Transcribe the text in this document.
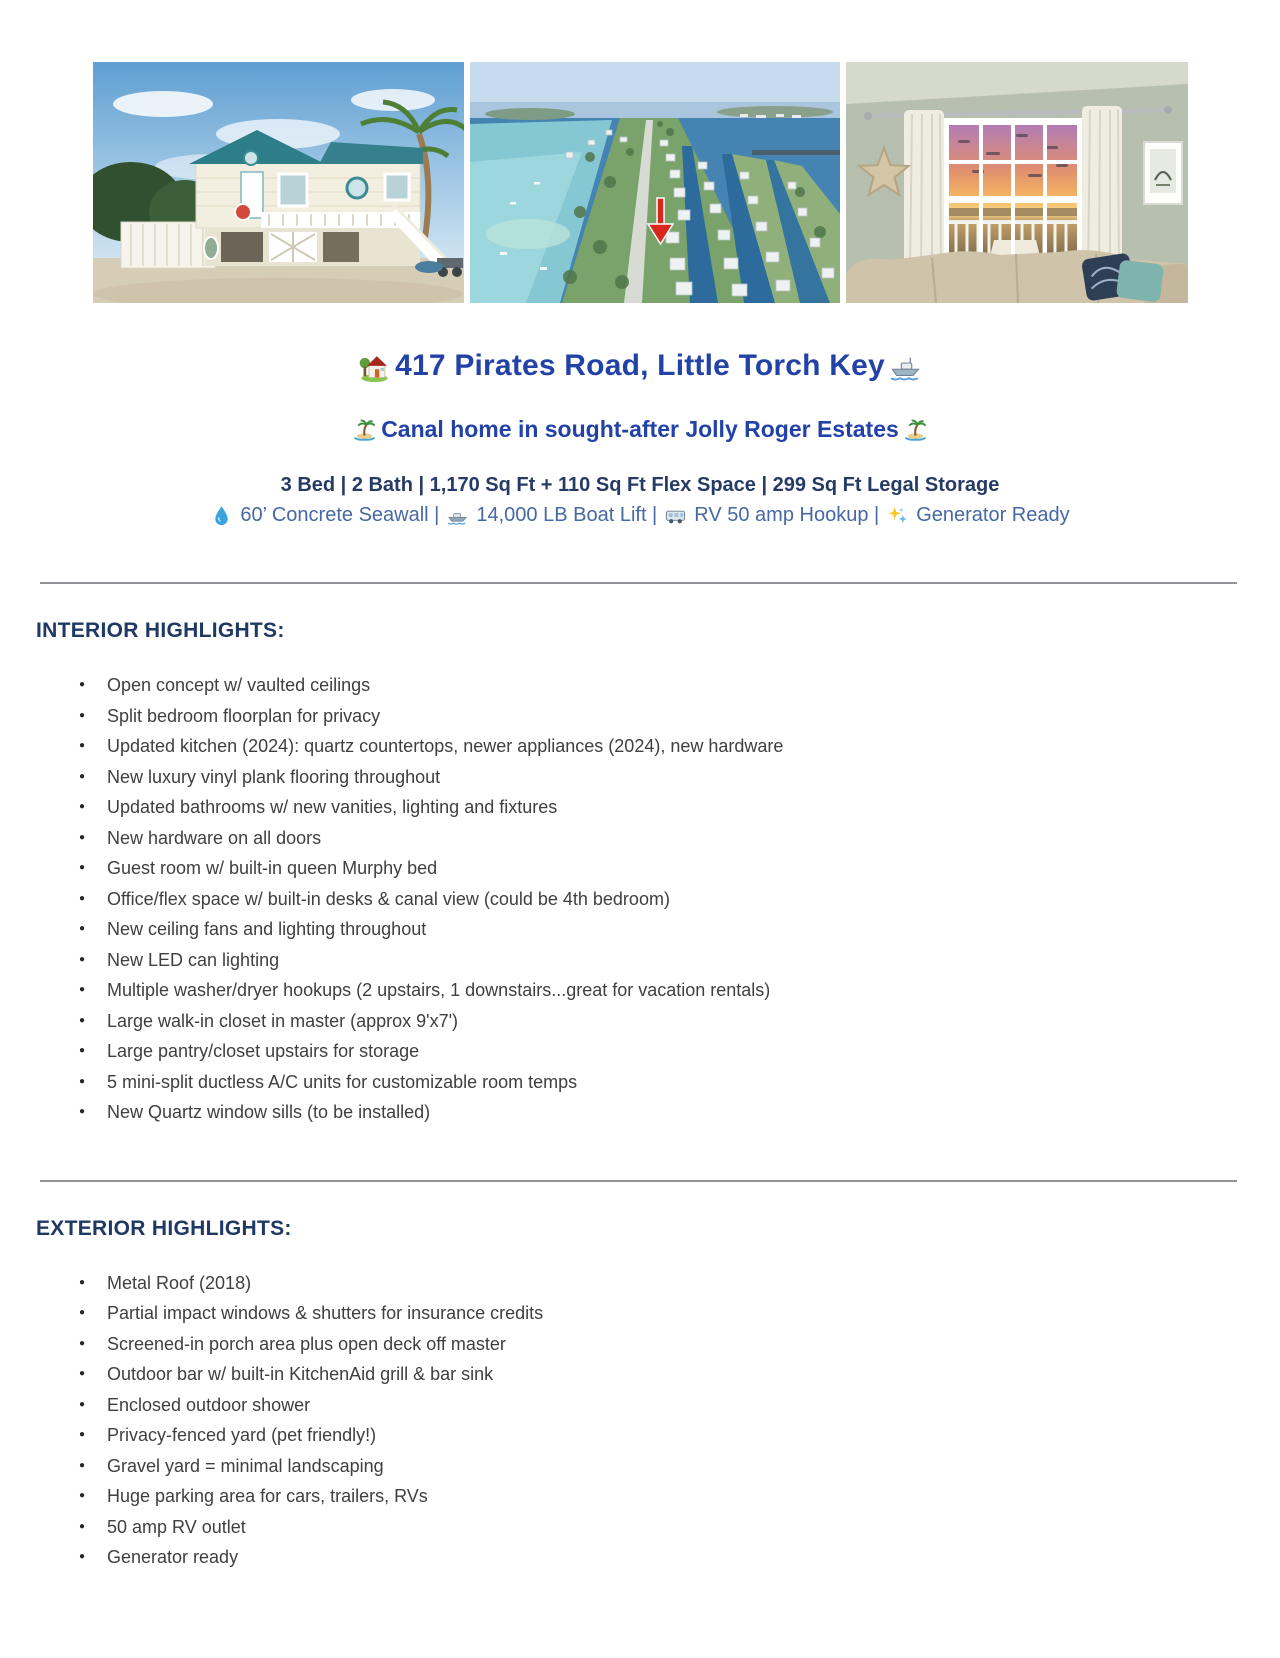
417 Pirates Road, Little Torch Key
Canal home in sought-after Jolly Roger Estates

3 Bed | 2 Bath | 1,170 Sq Ft + 110 Sq Ft Flex Space | 299 Sq Ft Legal Storage

60’ Concrete Seawall | 14,000 LB Boat Lift | RV 50 amp Hookup | Generator Ready

INTERIOR HIGHLIGHTS:
● Open concept w/ vaulted ceilings
● Split bedroom floorplan for privacy
● Updated kitchen (2024): quartz countertops, newer appliances (2024), new hardware
● New luxury vinyl plank flooring throughout
● Updated bathrooms w/ new vanities, lighting and fixtures
● New hardware on all doors
● Guest room w/ built-in queen Murphy bed
● Office/flex space w/ built-in desks & canal view (could be 4th bedroom)
● New ceiling fans and lighting throughout
● New LED can lighting
● Multiple washer/dryer hookups (2 upstairs, 1 downstairs...great for vacation rentals)
● Large walk-in closet in master (approx 9'x7')
● Large pantry/closet upstairs for storage
● 5 mini-split ductless A/C units for customizable room temps
● New Quartz window sills (to be installed)
EXTERIOR HIGHLIGHTS:
● Metal Roof (2018)
● Partial impact windows & shutters for insurance credits
● Screened-in porch area plus open deck off master
● Outdoor bar w/ built-in KitchenAid grill & bar sink
● Enclosed outdoor shower
● Privacy-fenced yard (pet friendly!)
● Gravel yard = minimal landscaping
● Huge parking area for cars, trailers, RVs
● 50 amp RV outlet
● Generator ready
